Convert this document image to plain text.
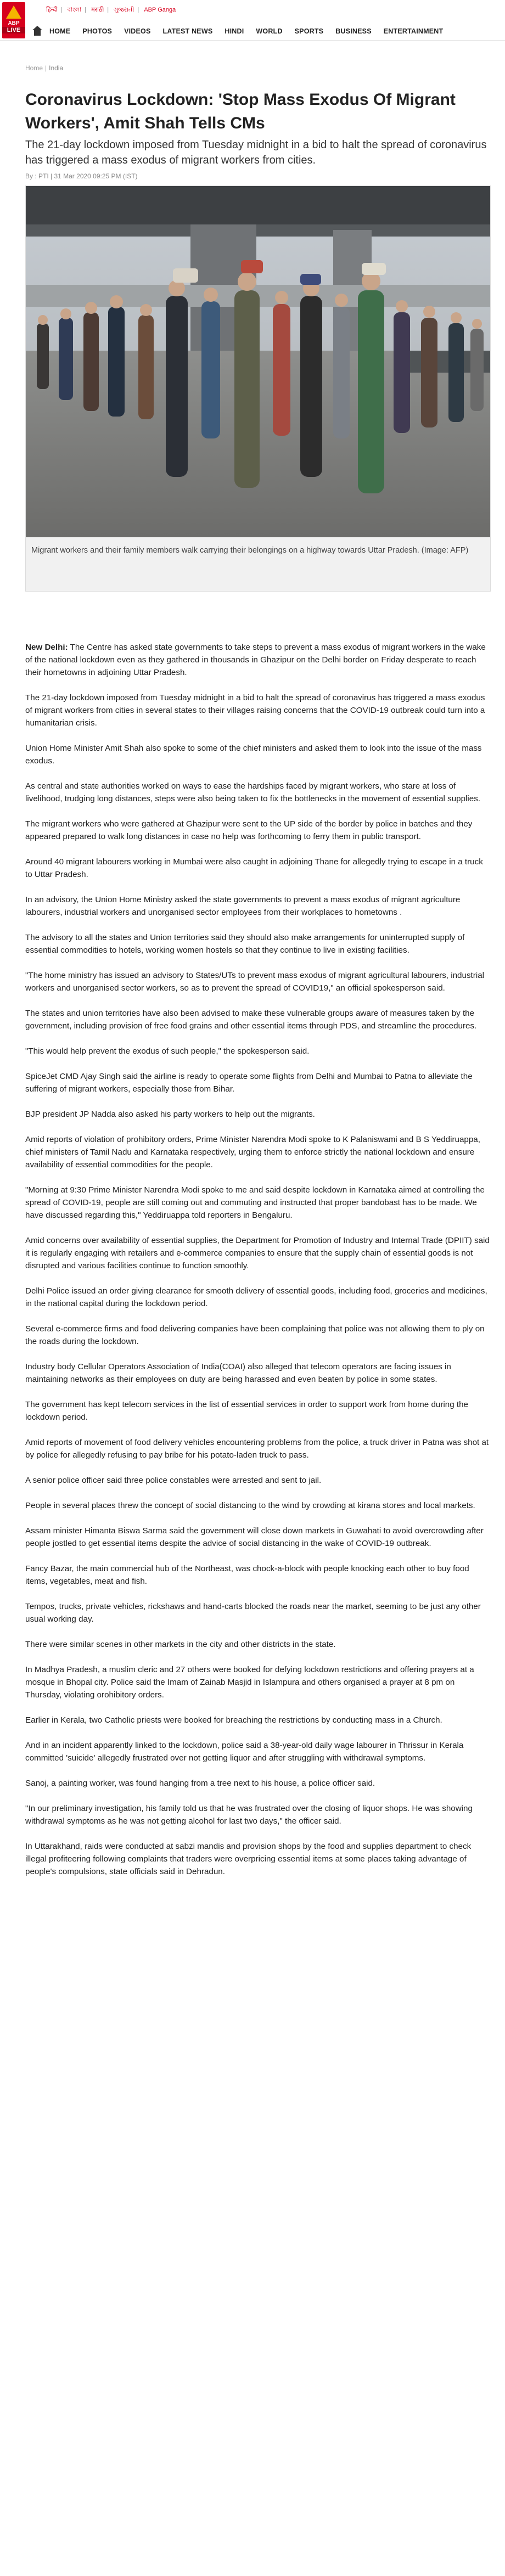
ABP
LIVE
हिन्दी | বাংলা | मराठी | ગુજરાતી | ABP Ganga
HOME PHOTOS VIDEOS LATEST NEWS HINDI WORLD SPORTS BUSINESS ENTERTAINMENT
Home | India
Coronavirus Lockdown: 'Stop Mass Exodus Of Migrant Workers', Amit Shah Tells CMs
The 21-day lockdown imposed from Tuesday midnight in a bid to halt the spread of coronavirus has triggered a mass exodus of migrant workers from cities.
By : PTI | 31 Mar 2020 09:25 PM (IST)
Migrant workers and their family members walk carrying their belongings on a highway towards Uttar Pradesh. (Image: AFP)

New Delhi: The Centre has asked state governments to take steps to prevent a mass exodus of migrant workers in the wake of the national lockdown even as they gathered in thousands in Ghazipur on the Delhi border on Friday desperate to reach their hometowns in adjoining Uttar Pradesh.

The 21-day lockdown imposed from Tuesday midnight in a bid to halt the spread of coronavirus has triggered a mass exodus of migrant workers from cities in several states to their villages raising concerns that the COVID-19 outbreak could turn into a humanitarian crisis.

Union Home Minister Amit Shah also spoke to some of the chief ministers and asked them to look into the issue of the mass exodus.

As central and state authorities worked on ways to ease the hardships faced by migrant workers, who stare at loss of livelihood, trudging long distances, steps were also being taken to fix the bottlenecks in the movement of essential supplies.

The migrant workers who were gathered at Ghazipur were sent to the UP side of the border by police in batches and they appeared prepared to walk long distances in case no help was forthcoming to ferry them in public transport.

Around 40 migrant labourers working in Mumbai were also caught in adjoining Thane for allegedly trying to escape in a truck to Uttar Pradesh.

In an advisory, the Union Home Ministry asked the state governments to prevent a mass exodus of migrant agriculture labourers, industrial workers and unorganised sector employees from their workplaces to hometowns .

The advisory to all the states and Union territories said they should also make arrangements for uninterrupted supply of essential commodities to hotels, working women hostels so that they continue to live in existing facilities.

"The home ministry has issued an advisory to States/UTs to prevent mass exodus of migrant agricultural labourers, industrial workers and unorganised sector workers, so as to prevent the spread of COVID19," an official spokesperson said.

The states and union territories have also been advised to make these vulnerable groups aware of measures taken by the government, including provision of free food grains and other essential items through PDS, and streamline the procedures.

"This would help prevent the exodus of such people," the spokesperson said.

SpiceJet CMD Ajay Singh said the airline is ready to operate some flights from Delhi and Mumbai to Patna to alleviate the suffering of migrant workers, especially those from Bihar.

BJP president JP Nadda also asked his party workers to help out the migrants.

Amid reports of violation of prohibitory orders, Prime Minister Narendra Modi spoke to K Palaniswami and B S Yeddiruappa, chief ministers of Tamil Nadu and Karnataka respectively, urging them to enforce strictly the national lockdown and ensure availability of essential commodities for the people.

"Morning at 9:30 Prime Minister Narendra Modi spoke to me and said despite lockdown in Karnataka aimed at controlling the spread of COVID-19, people are still coming out and commuting and instructed that proper bandobast has to be made. We have discussed regarding this," Yeddiruappa told reporters in Bengaluru.

Amid concerns over availability of essential supplies, the Department for Promotion of Industry and Internal Trade (DPIIT) said it is regularly engaging with retailers and e-commerce companies to ensure that the supply chain of essential goods is not disrupted and various facilities continue to function smoothly.

Delhi Police issued an order giving clearance for smooth delivery of essential goods, including food, groceries and medicines, in the national capital during the lockdown period.

Several e-commerce firms and food delivering companies have been complaining that police was not allowing them to ply on the roads during the lockdown.

Industry body Cellular Operators Association of India(COAI) also alleged that telecom operators are facing issues in maintaining networks as their employees on duty are being harassed and even beaten by police in some states.

The government has kept telecom services in the list of essential services in order to support work from home during the lockdown period.

Amid reports of movement of food delivery vehicles encountering problems from the police, a truck driver in Patna was shot at by police for allegedly refusing to pay bribe for his potato-laden truck to pass.

A senior police officer said three police constables were arrested and sent to jail.

People in several places threw the concept of social distancing to the wind by crowding at kirana stores and local markets.

Assam minister Himanta Biswa Sarma said the government will close down markets in Guwahati to avoid overcrowding after people jostled to get essential items despite the advice of social distancing in the wake of COVID-19 outbreak.

Fancy Bazar, the main commercial hub of the Northeast, was chock-a-block with people knocking each other to buy food items, vegetables, meat and fish.

Tempos, trucks, private vehicles, rickshaws and hand-carts blocked the roads near the market, seeming to be just any other usual working day.

There were similar scenes in other markets in the city and other districts in the state.

In Madhya Pradesh, a muslim cleric and 27 others were booked for defying lockdown restrictions and offering prayers at a mosque in Bhopal city. Police said the Imam of Zainab Masjid in Islampura and others organised a prayer at 8 pm on Thursday, violating orohibitory orders.

Earlier in Kerala, two Catholic priests were booked for breaching the restrictions by conducting mass in a Church.

And in an incident apparently linked to the lockdown, police said a 38-year-old daily wage labourer in Thrissur in Kerala committed 'suicide' allegedly frustrated over not getting liquor and after struggling with withdrawal symptoms.

Sanoj, a painting worker, was found hanging from a tree next to his house, a police officer said.

"In our preliminary investigation, his family told us that he was frustrated over the closing of liquor shops. He was showing withdrawal symptoms as he was not getting alcohol for last two days," the officer said.

In Uttarakhand, raids were conducted at sabzi mandis and provision shops by the food and supplies department to check illegal profiteering following complaints that traders were overpricing essential items at some places taking advantage of people's compulsions, state officials said in Dehradun.
